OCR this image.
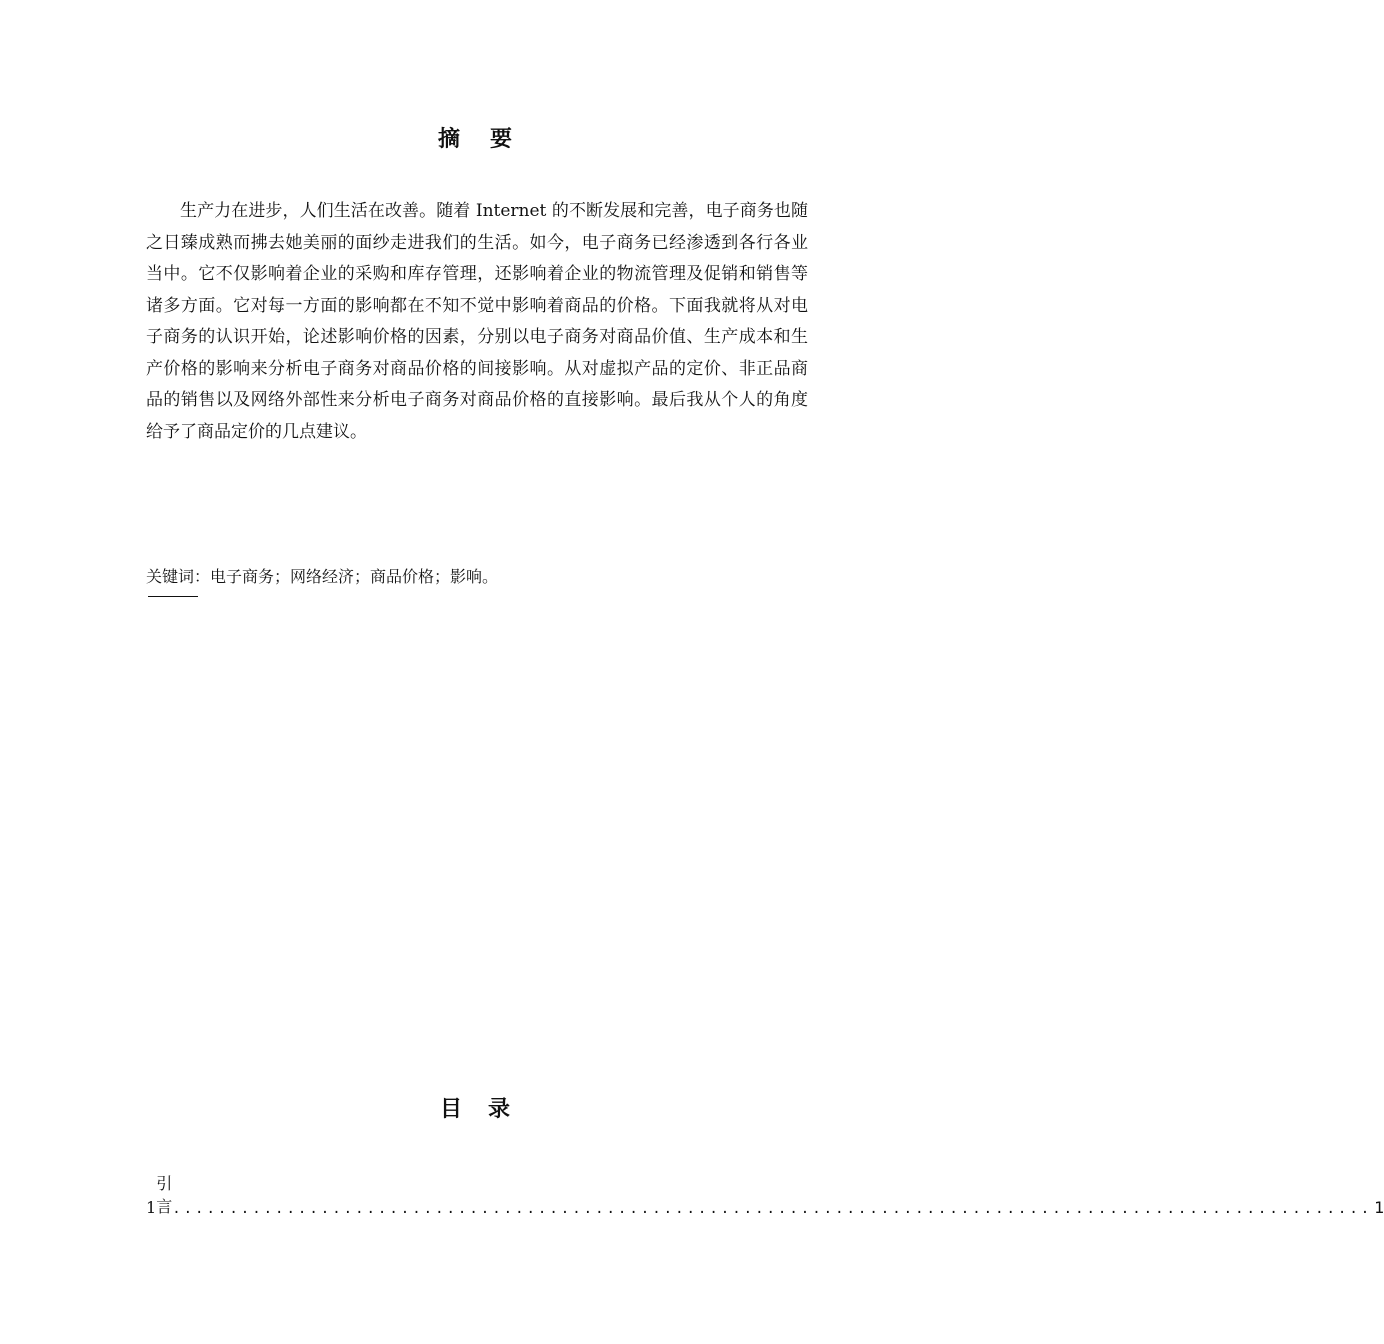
摘要

生产力在进步，人们生活在改善。随着 Internet 的不断发展和完善，电子商务也随之日臻成熟而拂去她美丽的面纱走进我们的生活。如今，电子商务已经渗透到各行各业当中。它不仅影响着企业的采购和库存管理，还影响着企业的物流管理及促销和销售等诸多方面。它对每一方面的影响都在不知不觉中影响着商品的价格。下面我就将从对电子商务的认识开始，论述影响价格的因素，分别以电子商务对商品价值、生产成本和生产价格的影响来分析电子商务对商品价格的间接影响。从对虚拟产品的定价、非正品商品的销售以及网络外部性来分析电子商务对商品价格的直接影响。最后我从个人的角度给予了商品定价的几点建议。

关键词：电子商务；网络经济；商品价格；影响。
目录
1
引言 ......................................................................................................... 1
